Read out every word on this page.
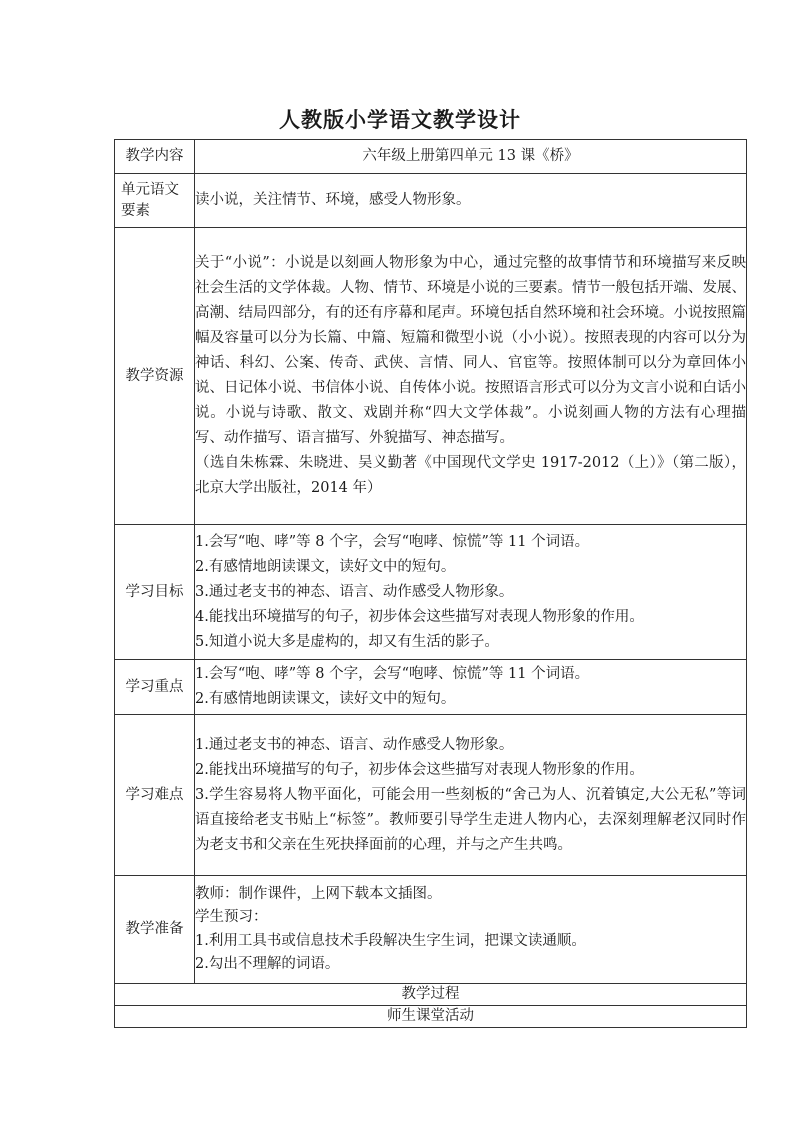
人教版小学语文教学设计
教学内容	六年级上册第四单元 13 课《桥》

单元语文
要素	读小说，关注情节、环境，感受人物形象。
教学资源	关于“小说”：小说是以刻画人物形象为中心，通过完整的故事情节和环境描写来反映社会生活的文学体裁。人物、情节、环境是小说的三要素。情节一般包括开端、发展、高潮、结局四部分，有的还有序幕和尾声。环境包括自然环境和社会环境。小说按照篇幅及容量可以分为长篇、中篇、短篇和微型小说（小小说）。按照表现的内容可以分为神话、科幻、公案、传奇、武侠、言情、同人、官宦等。按照体制可以分为章回体小说、日记体小说、书信体小说、自传体小说。按照语言形式可以分为文言小说和白话小说。小说与诗歌、散文、戏剧并称“四大文学体裁”。小说刻画人物的方法有心理描写、动作描写、语言描写、外貌描写、神态描写。
（选自朱栋霖、朱晓进、吴义勤著《中国现代文学史 1917-2012（上）》（第二版），北京大学出版社，2014 年）

学习目标	1.会写“咆、哮”等 8 个字，会写“咆哮、惊慌”等 11 个词语。
2.有感情地朗读课文，读好文中的短句。
3.通过老支书的神态、语言、动作感受人物形象。
4.能找出环境描写的句子，初步体会这些描写对表现人物形象的作用。
5.知道小说大多是虚构的，却又有生活的影子。

学习重点	1.会写“咆、哮”等 8 个字，会写“咆哮、惊慌”等 11 个词语。
2.有感情地朗读课文，读好文中的短句。

学习难点	1.通过老支书的神态、语言、动作感受人物形象。
2.能找出环境描写的句子，初步体会这些描写对表现人物形象的作用。
3.学生容易将人物平面化，可能会用一些刻板的“舍己为人、沉着镇定,大公无私”等词语直接给老支书贴上“标签”。教师要引导学生走进人物内心，去深刻理解老汉同时作为老支书和父亲在生死抉择面前的心理，并与之产生共鸣。

教学准备	教师：制作课件，上网下载本文插图。
学生预习：
1.利用工具书或信息技术手段解决生字生词，把课文读通顺。
2.勾出不理解的词语。

教学过程	
师生课堂活动	
